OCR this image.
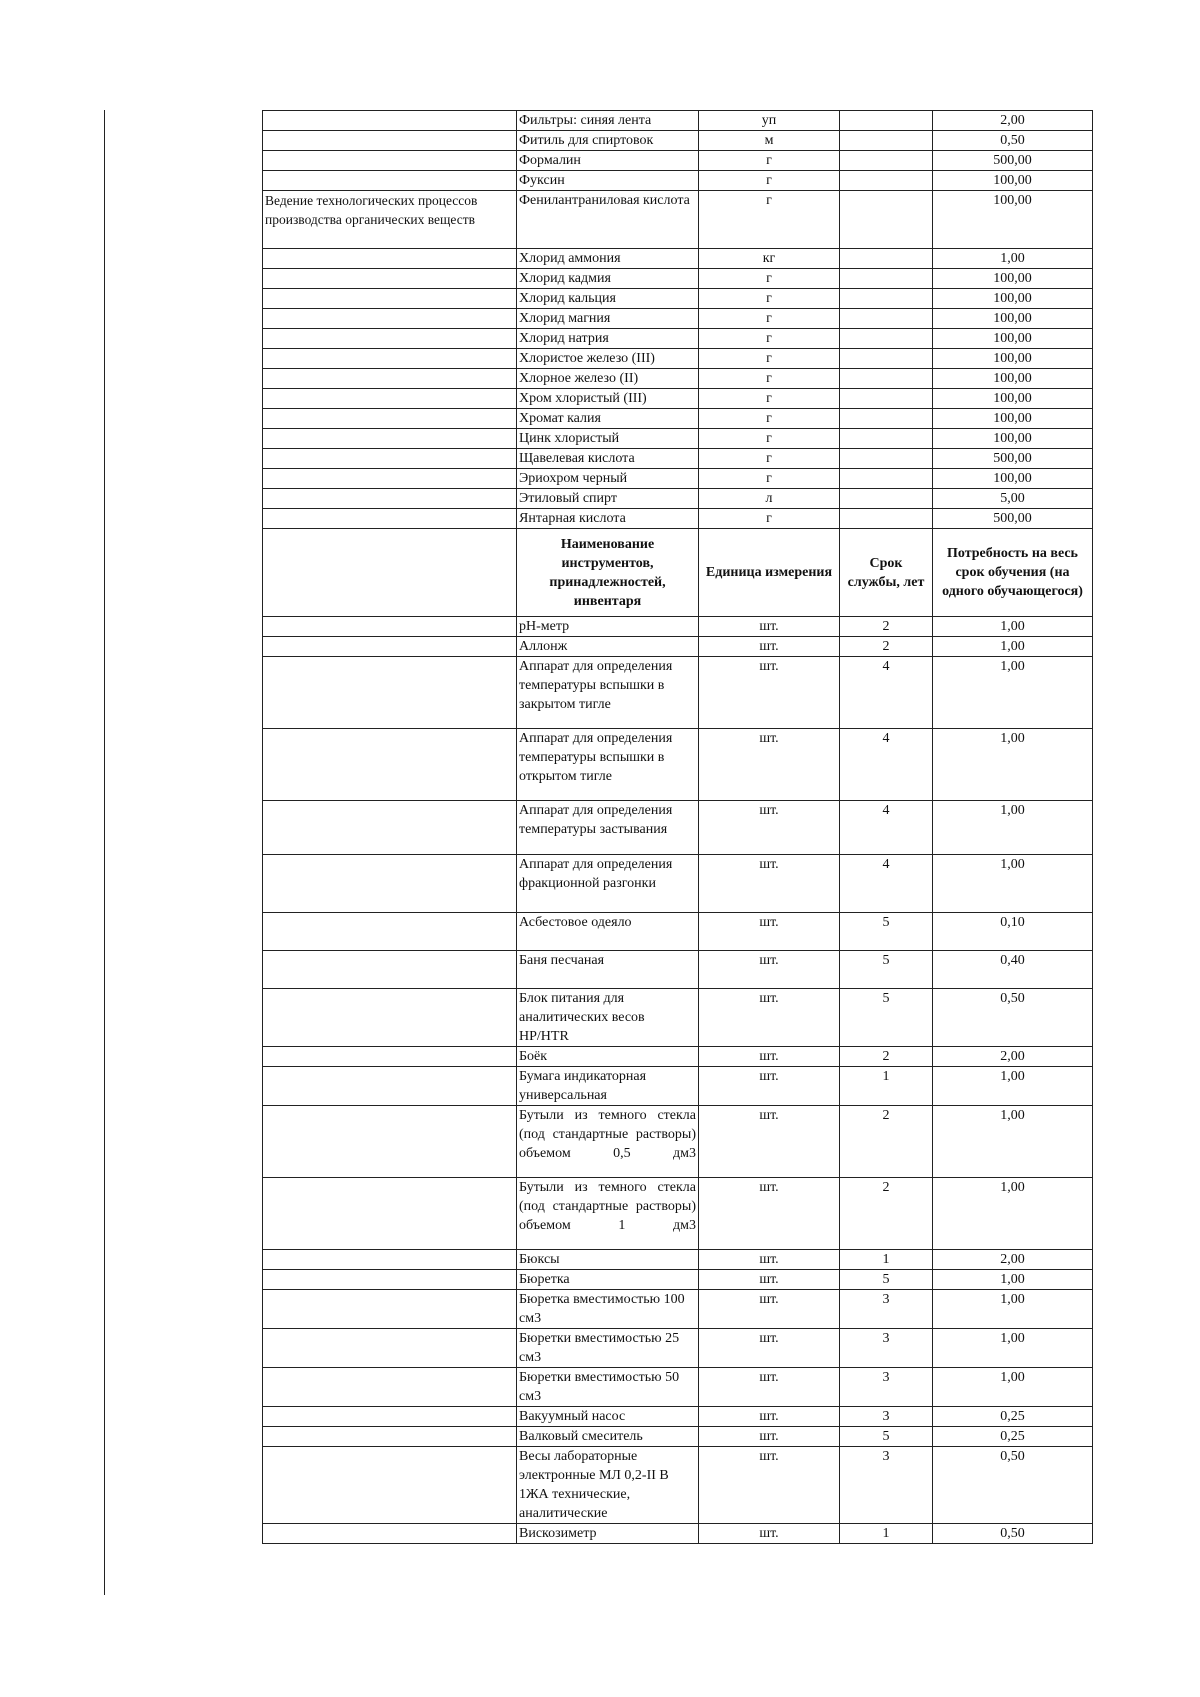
	Фильтры: синяя лента	уп		2,00
	Фитиль для спиртовок	м		0,50
	Формалин	г		500,00
	Фуксин	г		100,00
Ведение технологических процессов производства органических веществ	Фенилантраниловая кислота	г		100,00
	Хлорид аммония	кг		1,00
	Хлорид кадмия	г		100,00
	Хлорид кальция	г		100,00
	Хлорид магния	г		100,00
	Хлорид натрия	г		100,00
	Хлористое железо (III)	г		100,00
	Хлорное железо (II)	г		100,00
	Хром хлористый (III)	г		100,00
	Хромат калия	г		100,00
	Цинк хлористый	г		100,00
	Щавелевая кислота	г		500,00
	Эриохром черный	г		100,00
	Этиловый спирт	л		5,00
	Янтарная кислота	г		500,00
	Наименование инструментов, принадлежностей, инвентаря	Единица измерения	Срок службы, лет	Потребность на весь срок обучения (на одного обучающегося)
	pH-метр	шт.	2	1,00
	Аллонж	шт.	2	1,00
	Аппарат для определения температуры вспышки в закрытом тигле	шт.	4	1,00
	Аппарат для определения температуры вспышки в открытом тигле	шт.	4	1,00
	Аппарат для определения температуры застывания	шт.	4	1,00
	Аппарат для определения фракционной разгонки	шт.	4	1,00
	Асбестовое одеяло	шт.	5	0,10
	Баня песчаная	шт.	5	0,40
	Блок питания для аналитических весов HP/HTR	шт.	5	0,50
	Боёк	шт.	2	2,00
	Бумага индикаторная универсальная	шт.	1	1,00
	Бутыли из темного стекла (под стандартные растворы) объемом 0,5 дм3	шт.	2	1,00
	Бутыли из темного стекла (под стандартные растворы) объемом 1 дм3	шт.	2	1,00
	Бюксы	шт.	1	2,00
	Бюретка	шт.	5	1,00
	Бюретка вместимостью 100 см3	шт.	3	1,00
	Бюретки вместимостью 25 см3	шт.	3	1,00
	Бюретки вместимостью 50 см3	шт.	3	1,00
	Вакуумный насос	шт.	3	0,25
	Валковый смеситель	шт.	5	0,25
	Весы лабораторные электронные МЛ 0,2-II В 1ЖА технические, аналитические	шт.	3	0,50
	Вискозиметр	шт.	1	0,50
